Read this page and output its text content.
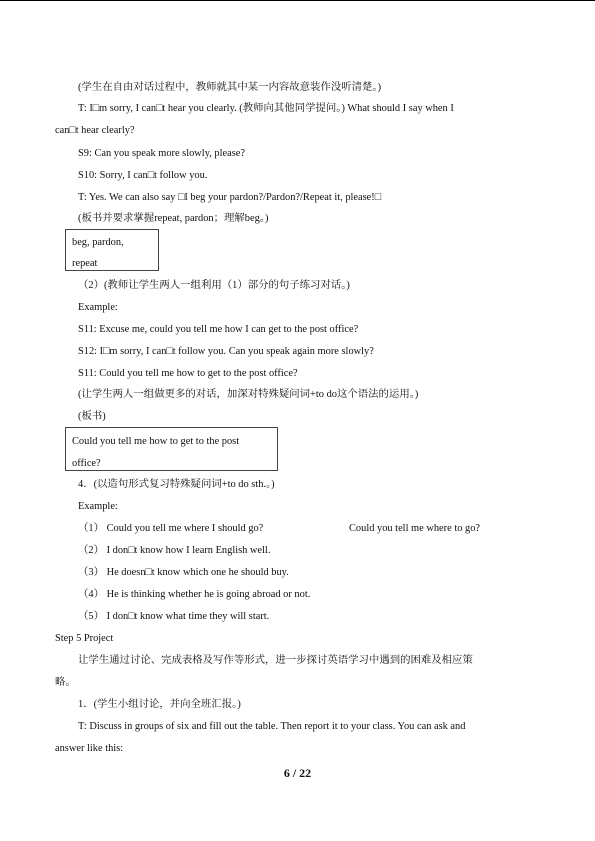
(学生在自由对话过程中，教师就其中某一内容故意装作没听清楚。)
T: I□m sorry, I can□t hear you clearly. (教师向其他同学提问。) What should I say when I
can□t hear clearly?
S9: Can you speak more slowly, please?
S10: Sorry, I can□t follow you.
T: Yes. We can also say □I beg your pardon?/Pardon?/Repeat it, please!□
(板书并要求掌握repeat, pardon；理解beg。)
beg, pardon,
repeat
（2）(教师让学生两人一组利用（1）部分的句子练习对话。)
Example:
S11: Excuse me, could you tell me how I can get to the post office?
S12: I□m sorry, I can□t follow you. Can you speak again more slowly?
S11: Could you tell me how to get to the post office?
(让学生两人一组做更多的对话，加深对特殊疑问词+to do这个语法的运用。)
(板书)
Could you tell me how to get to the post
office?
4．(以造句形式复习特殊疑问词+to do sth.。)
Example:
（1） Could you tell me where I should go?	Could you tell me where to go?
（2） I don□t know how I learn English well.
（3） He doesn□t know which one he should buy.
（4） He is thinking whether he is going abroad or not.
（5） I don□t know what time they will start.
Step 5 Project
让学生通过讨论、完成表格及写作等形式，进一步探讨英语学习中遇到的困难及相应策
略。
1．(学生小组讨论，并向全班汇报。)
T: Discuss in groups of six and fill out the table. Then report it to your class. You can ask and
answer like this:
6 / 22
